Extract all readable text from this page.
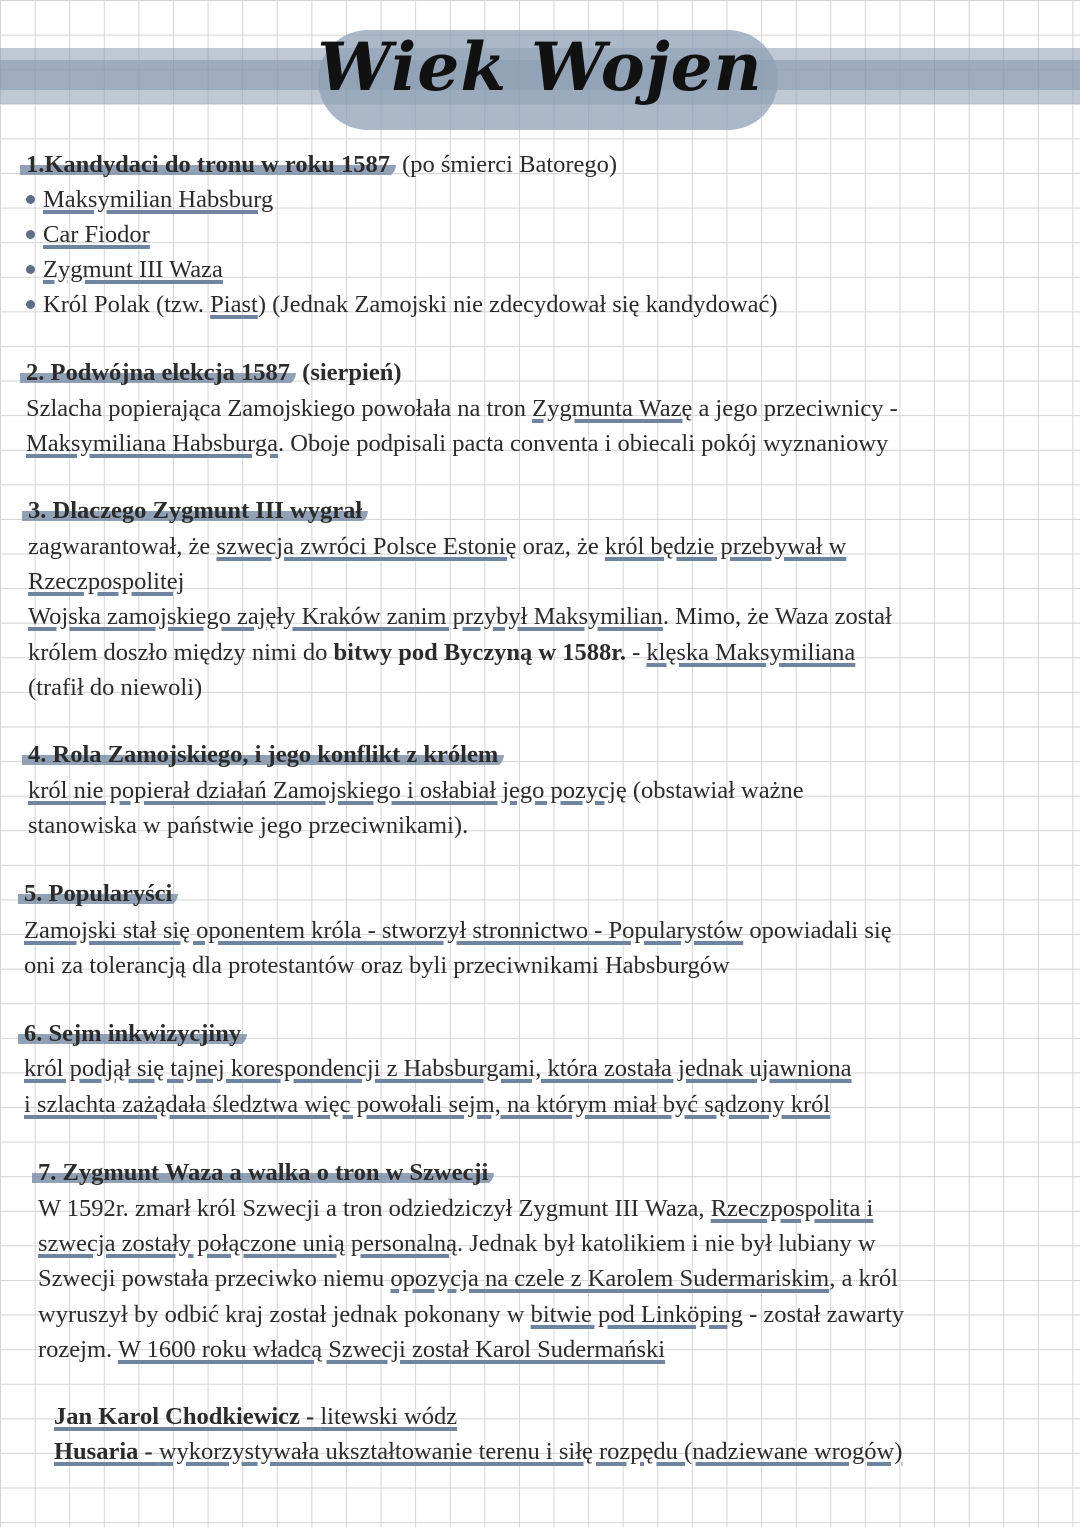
Wiek Wojen
1.Kandydaci do tronu w roku 1587 (po śmierci Batorego)
Maksymilian Habsburg
Car Fiodor
Zygmunt III Waza
Król Polak (tzw. Piast) (Jednak Zamojski nie zdecydował się kandydować)
2. Podwójna elekcja 1587 (sierpień)
Szlacha popierająca Zamojskiego powołała na tron Zygmunta Wazę a jego przeciwnicy -
Maksymiliana Habsburga. Oboje podpisali pacta conventa i obiecali pokój wyznaniowy
3. Dlaczego Zygmunt III wygrał
zagwarantował, że szwecja zwróci Polsce Estonię oraz, że król będzie przebywał w
Rzeczpospolitej
Wojska zamojskiego zajęły Kraków zanim przybył Maksymilian. Mimo, że Waza został
królem doszło między nimi do bitwy pod Byczyną w 1588r. - klęska Maksymiliana
(trafił do niewoli)
4. Rola Zamojskiego, i jego konflikt z królem
król nie popierał działań Zamojskiego i osłabiał jego pozycję (obstawiał ważne
stanowiska w państwie jego przeciwnikami).
5. Popularyści
Zamojski stał się oponentem króla - stworzył stronnictwo - Popularystów opowiadali się
oni za tolerancją dla protestantów oraz byli przeciwnikami Habsburgów
6. Sejm inkwizycjiny
król podjął się tajnej korespondencji z Habsburgami, która została jednak ujawniona
i szlachta zażądała śledztwa więc powołali sejm, na którym miał być sądzony król
7. Zygmunt Waza a walka o tron w Szwecji
W 1592r. zmarł król Szwecji a tron odziedziczył Zygmunt III Waza, Rzeczpospolita i
szwecja zostały połączone unią personalną. Jednak był katolikiem i nie był lubiany w
Szwecji powstała przeciwko niemu opozycja na czele z Karolem Sudermariskim, a król
wyruszył by odbić kraj został jednak pokonany w bitwie pod Linköping - został zawarty
rozejm. W 1600 roku władcą Szwecji został Karol Sudermański
Jan Karol Chodkiewicz - litewski wódz
Husaria - wykorzystywała ukształtowanie terenu i siłę rozpędu (nadziewane wrogów)
